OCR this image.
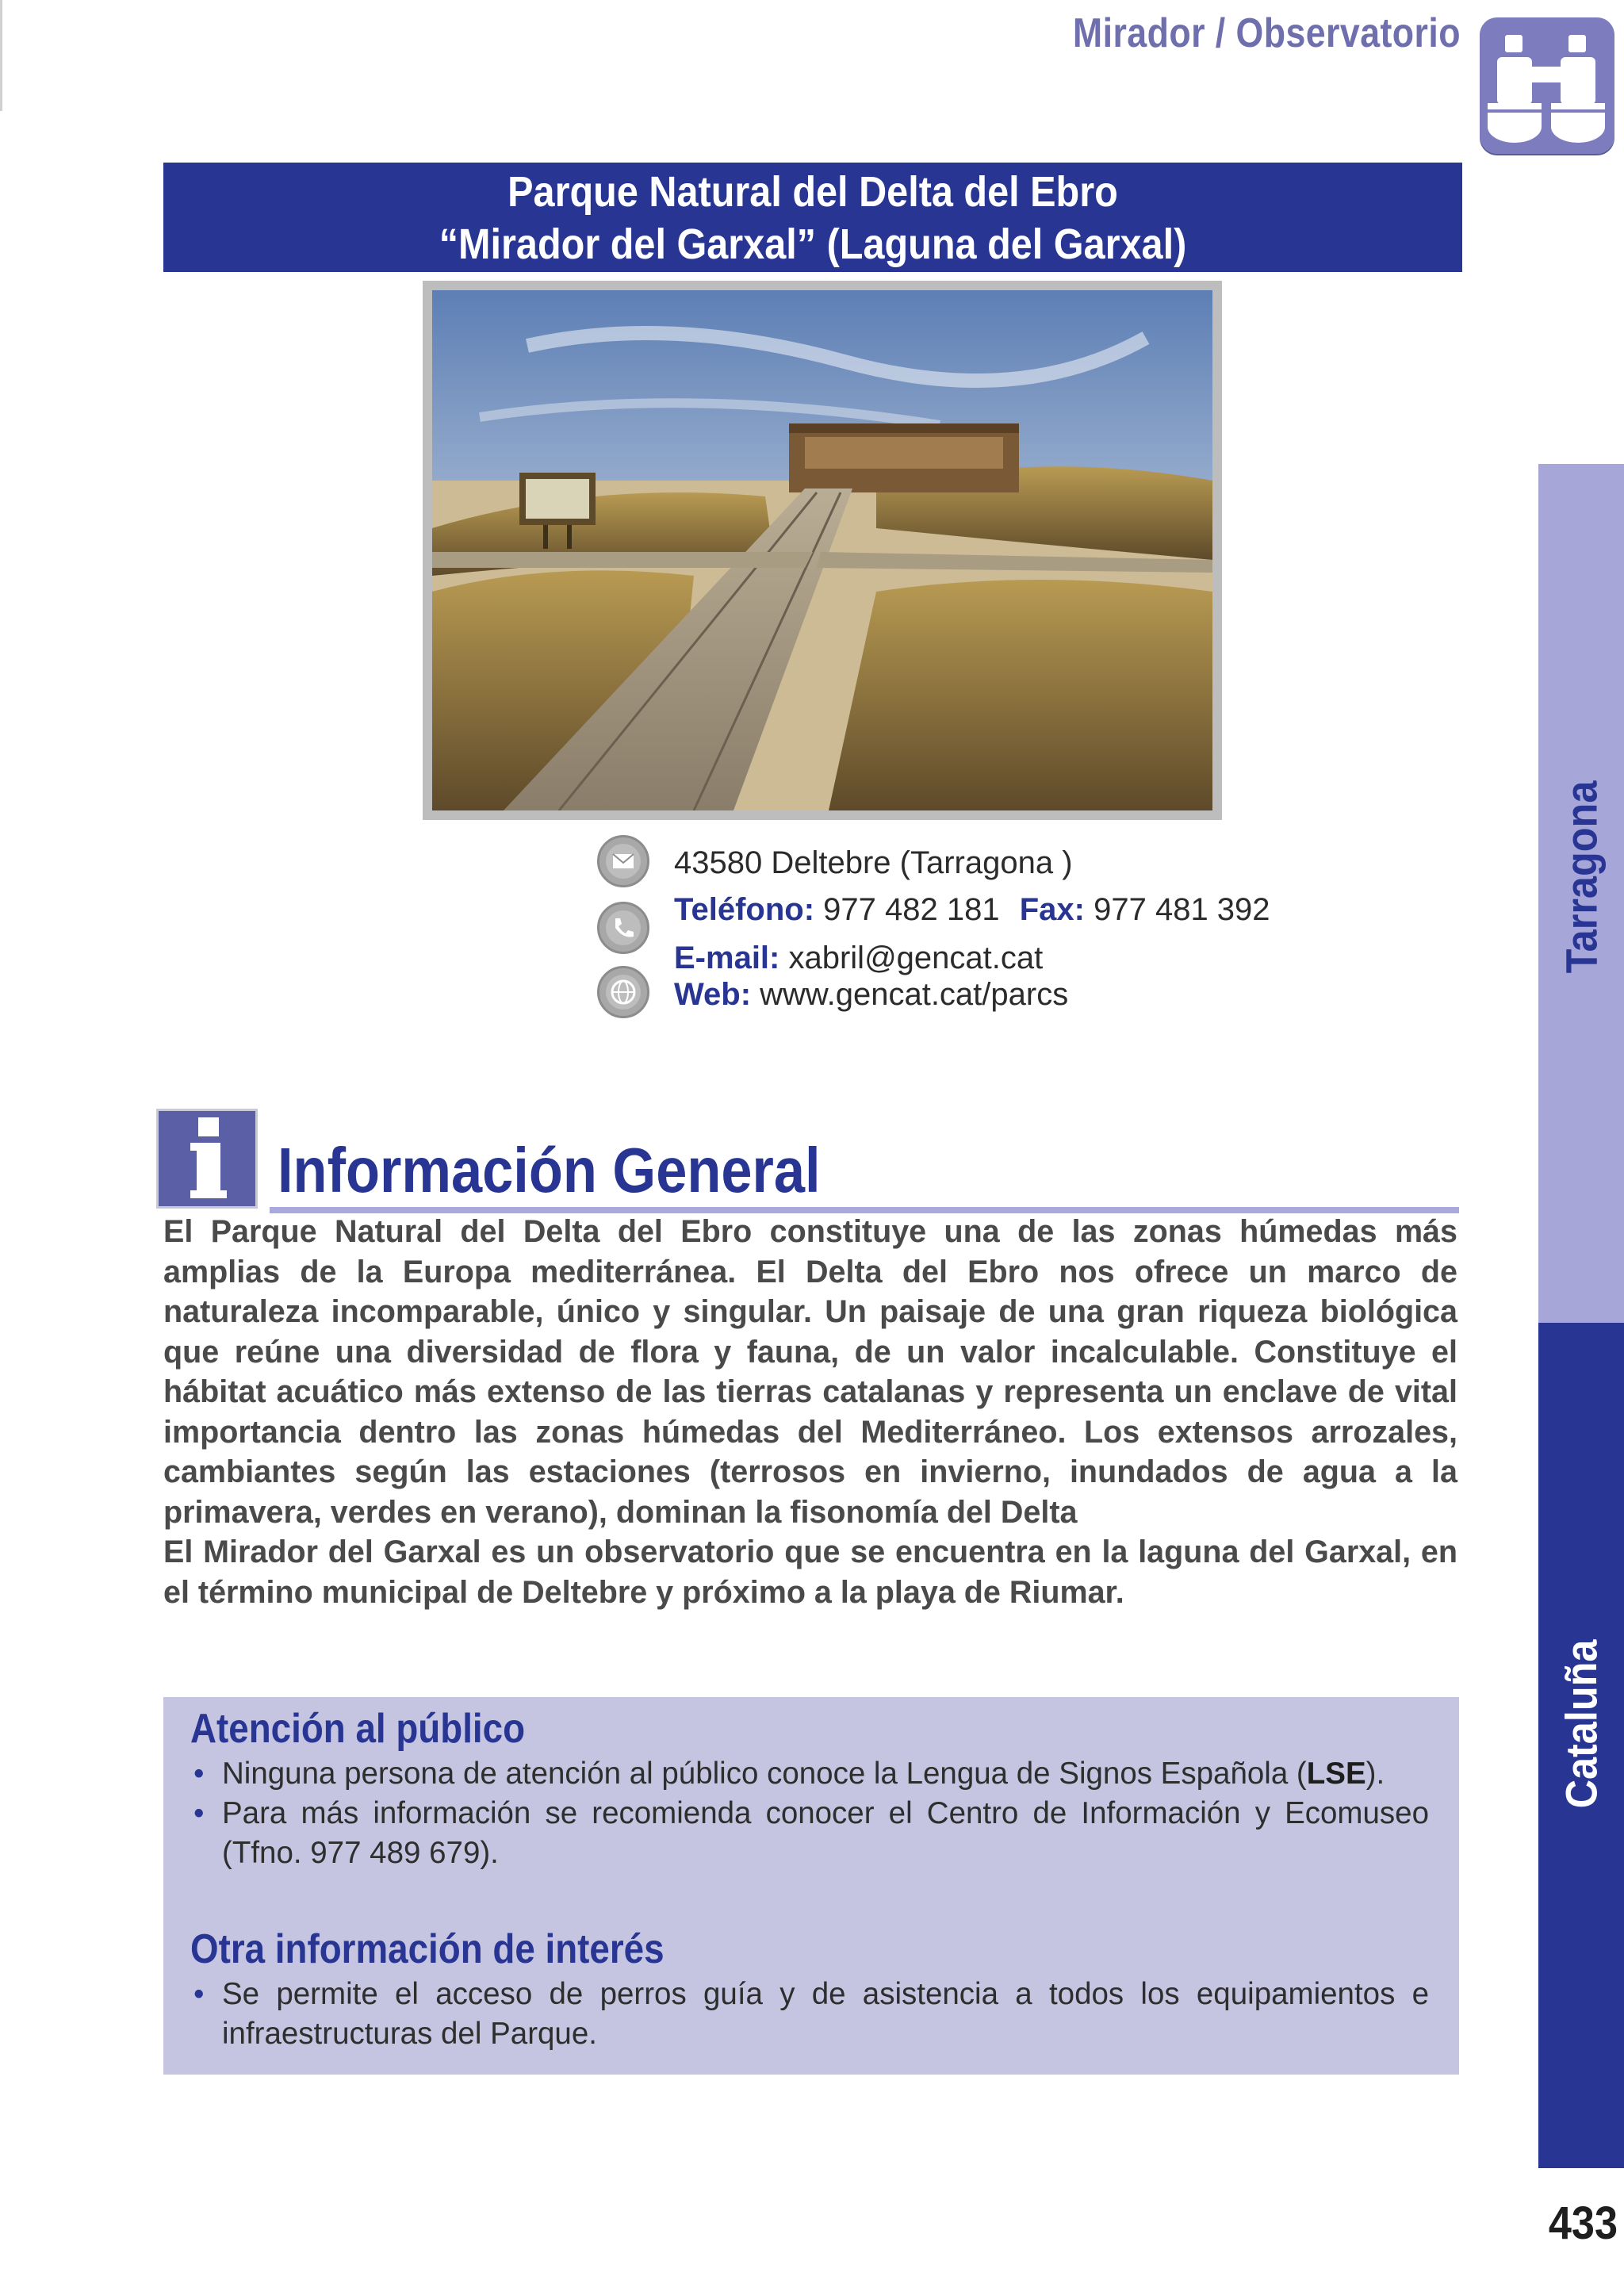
Mirador / Observatorio
Parque Natural del Delta del Ebro
“Mirador del Garxal” (Laguna del Garxal)
43580 Deltebre (Tarragona )
Teléfono: 977 482 181 Fax: 977 481 392
E-mail: xabril@gencat.cat
Web: www.gencat.cat/parcs
Información General

El Parque Natural del Delta del Ebro constituye una de las zonas húmedas más amplias de la Europa mediterránea. El Delta del Ebro nos ofrece un marco de naturaleza incomparable, único y singular. Un paisaje de una gran riqueza biológica que reúne una diversidad de flora y fauna, de un valor incalculable. Constituye el hábitat acuático más extenso de las tierras catalanas y representa un enclave de vital importancia dentro las zonas húmedas del Mediterráneo. Los extensos arrozales, cambiantes según las estaciones (terrosos en invierno, inundados de agua a la primavera, verdes en verano), dominan la fisonomía del Delta

El Mirador del Garxal es un observatorio que se encuentra en la laguna del Garxal, en el término municipal de Deltebre y próximo a la playa de Riumar.

Atención al público
• Ninguna persona de atención al público conoce la Lengua de Signos Española (LSE).
• Para más información se recomienda conocer el Centro de Información y Ecomuseo (Tfno. 977 489 679).
Otra información de interés
• Se permite el acceso de perros guía y de asistencia a todos los equipamientos e infraestructuras del Parque.
Tarragona
Cataluña
433
